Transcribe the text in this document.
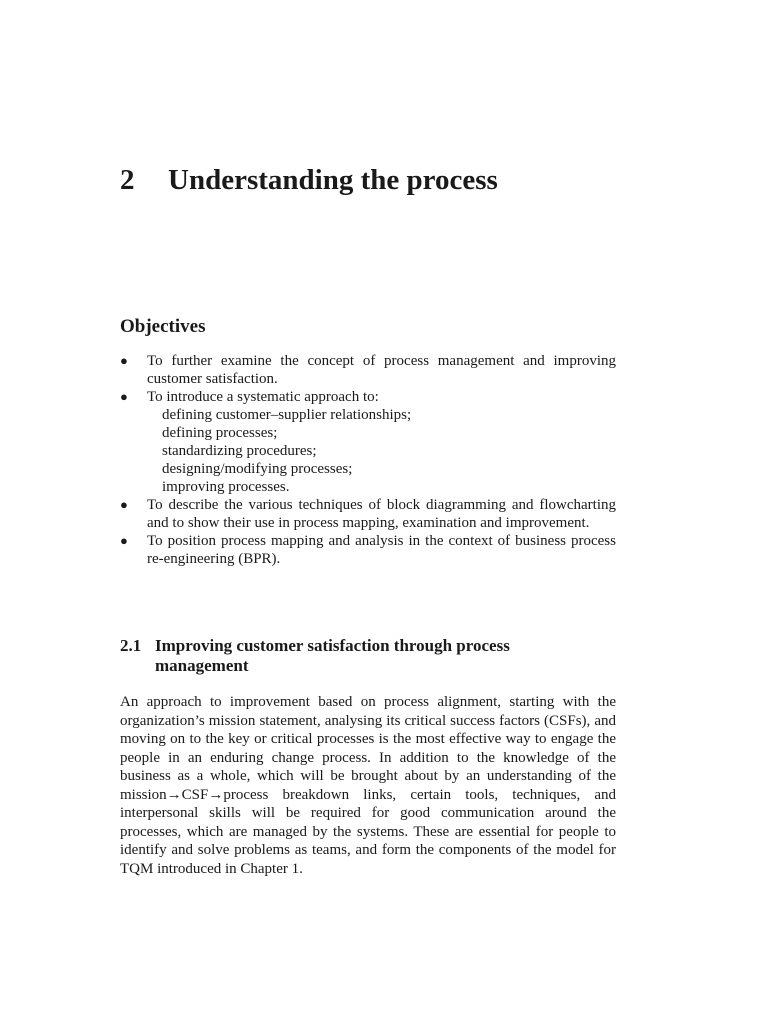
2 Understanding the process
Objectives
● To further examine the concept of process management and improving customer satisfaction.
● To introduce a systematic approach to:
defining customer–supplier relationships;
defining processes;
standardizing procedures;
designing/modifying processes;
improving processes.
● To describe the various techniques of block diagramming and flowcharting and to show their use in process mapping, examination and improvement.
● To position process mapping and analysis in the context of business process re-engineering (BPR).
2.1 Improving customer satisfaction through process
management

An approach to improvement based on process alignment, starting with the organization’s mission statement, analysing its critical success factors (CSFs), and moving on to the key or critical processes is the most effective way to engage the people in an enduring change process. In addition to the knowledge of the business as a whole, which will be brought about by an understanding of the mission→CSF→process breakdown links, certain tools, techniques, and interpersonal skills will be required for good communication around the processes, which are managed by the systems. These are essential for people to identify and solve problems as teams, and form the components of the model for TQM introduced in Chapter 1.
